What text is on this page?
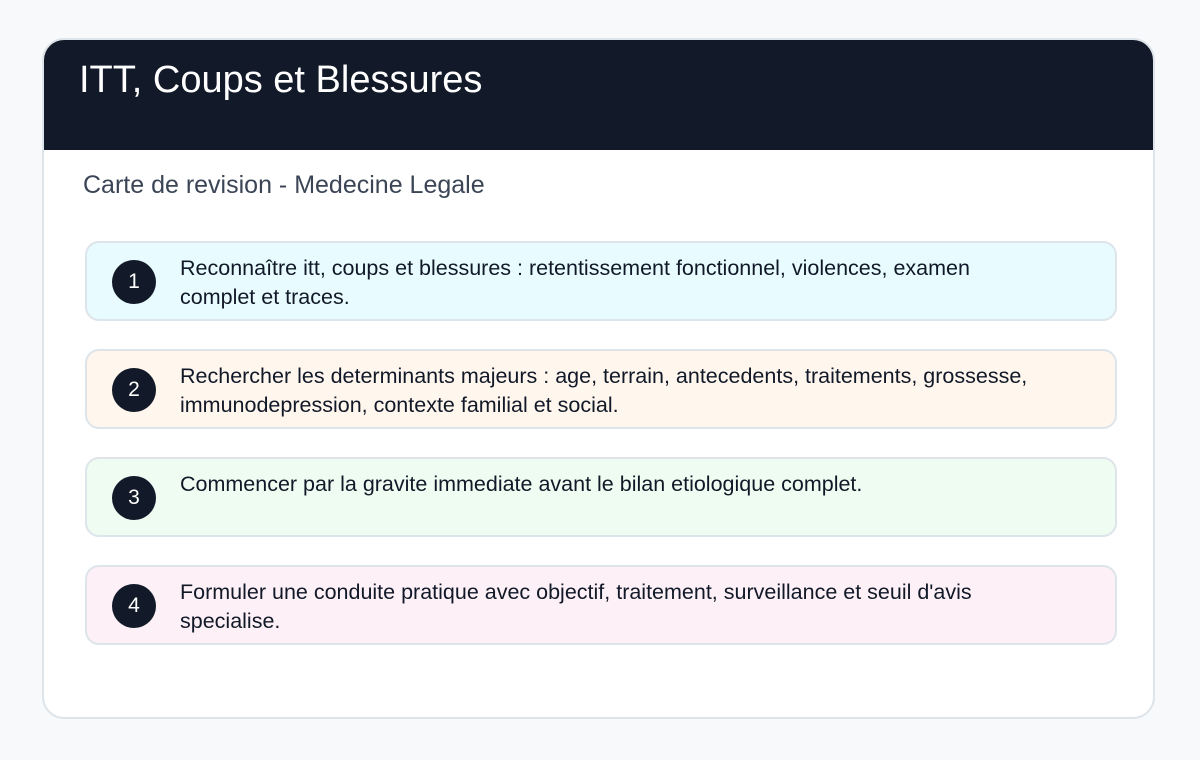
ITT, Coups et Blessures

Carte de revision - Medecine Legale

1

Reconnaître itt, coups et blessures : retentissement fonctionnel, violences, examen complet et traces.

2

Rechercher les determinants majeurs : age, terrain, antecedents, traitements, grossesse, immunodepression, contexte familial et social.

3

Commencer par la gravite immediate avant le bilan etiologique complet.

4

Formuler une conduite pratique avec objectif, traitement, surveillance et seuil d'avis specialise.
